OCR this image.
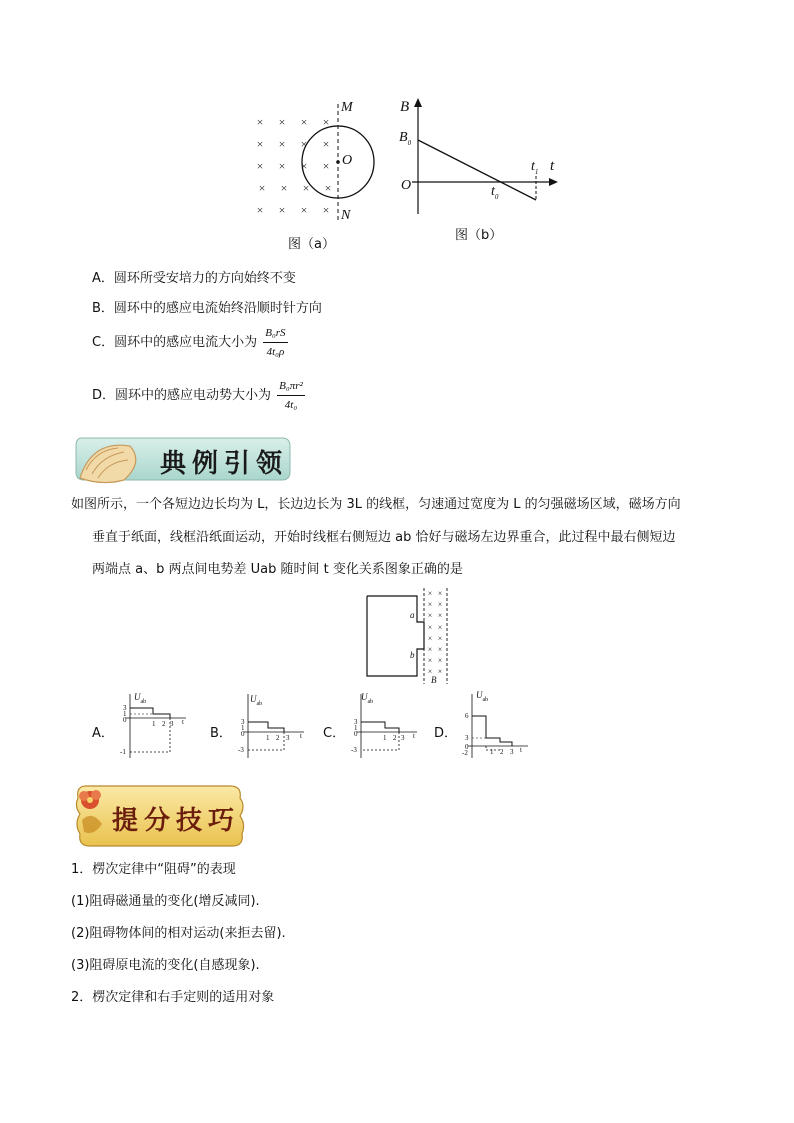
× × × ×
× × × ×
× × × ×
× × × ×
× × × ×
M
O
N
图（a）
B
$B_0$
O	$t_0$
$t_1$ t
图（b）
A．圆环所受安培力的方向始终不变
B．圆环中的感应电流始终沿顺时针方向
C．圆环中的感应电流大小为 $\frac{\text{B₀rS}}{\text{4t₀ρ}}$
D．圆环中的感应电动势大小为 $\frac{\text{B₀πr²}}{\text{4t₀}}$
典例引领
如图所示，一个各短边边长均为 L，长边边长为 3L 的线框，匀速通过宽度为 L 的匀强磁场区域，磁场方向
垂直于纸面，线框沿纸面运动，开始时线框右侧短边 ab 恰好与磁场左边界重合，此过程中最右侧短边
两端点 a、b 两点间电势差 Uab 随时间 t 变化关系图象正确的是
× ×
× ×
× ×
× ×
× ×
× ×
× ×
× ×
a
b
B
A．
$U_{ab}$
3
1
0
-1
1 2 3 t
B．
$U_{ab}$
3
1
0
-3
1 2 3 t C．
$U_{ab}$
3
1
0
-3
1 2 3 t D．
$U_{ab}$
6
3
0
-2	1 2 3 t
提分技巧
1．楞次定律中“阻碍”的表现
(1)阻碍磁通量的变化(增反减同).
(2)阻碍物体间的相对运动(来拒去留).
(3)阻碍原电流的变化(自感现象).
2．楞次定律和右手定则的适用对象
